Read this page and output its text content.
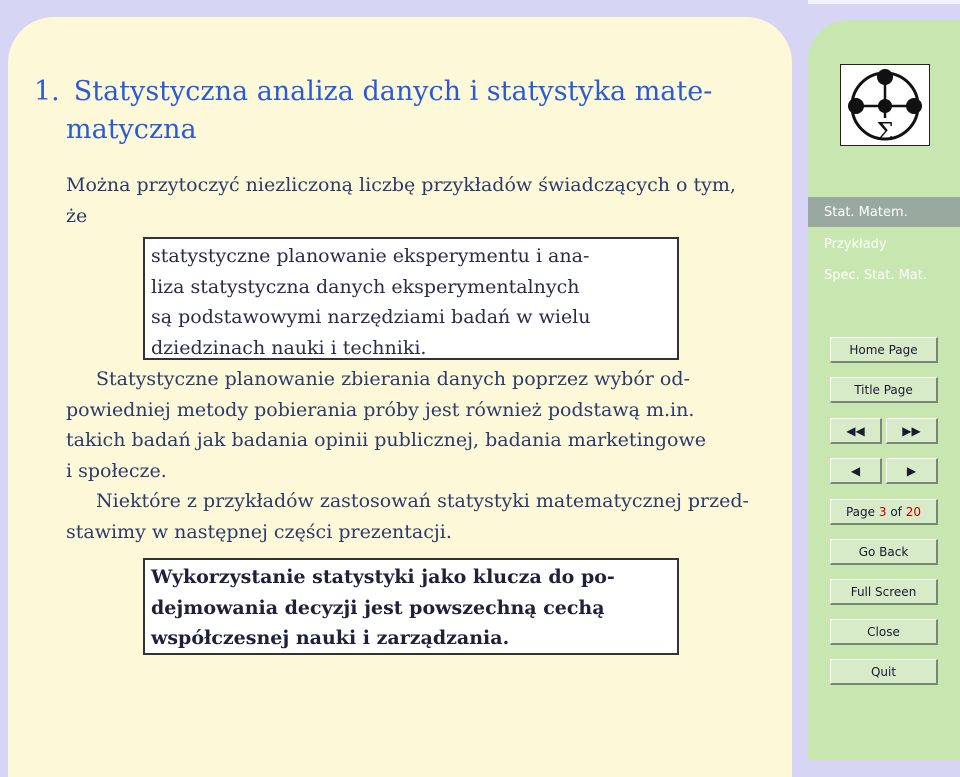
1. Statystyczna analiza danych i statystyka mate-
matyczna
Można przytoczyć niezliczoną liczbę przykładów świadczących o tym,
że
statystyczne planowanie eksperymentu i ana-
liza statystyczna danych eksperymentalnych
są podstawowymi narzędziami badań w wielu
dziedzinach nauki i techniki.
Statystyczne planowanie zbierania danych poprzez wybór od-
powiedniej metody pobierania próby jest również podstawą m.in.
takich badań jak badania opinii publicznej, badania marketingowe
i społecze.
Niektóre z przykładów zastosowań statystyki matematycznej przed-
stawimy w następnej części prezentacji.
Wykorzystanie statystyki jako klucza do po-
dejmowania decyzji jest powszechną cechą
współczesnej nauki i zarządzania.
Σ
Stat. Matem.
Przykłady
Spec. Stat. Mat.
Home Page
Title Page
◀◀	▶▶
◀	▶
Page
3
of
20
Go Back
Full Screen
Close
Quit
